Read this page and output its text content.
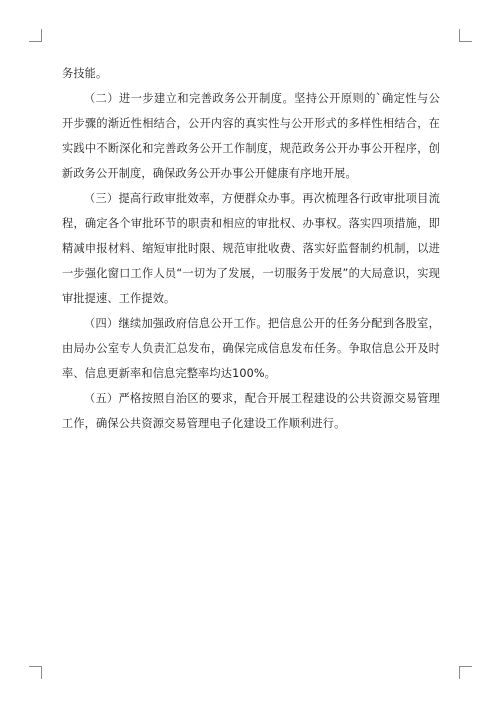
务技能。

（二）进一步建立和完善政务公开制度。坚持公开原则的`确定性与公开步骤的渐近性相结合，公开内容的真实性与公开形式的多样性相结合，在实践中不断深化和完善政务公开工作制度，规范政务公开办事公开程序，创新政务公开制度，确保政务公开办事公开健康有序地开展。

（三）提高行政审批效率，方便群众办事。再次梳理各行政审批项目流程，确定各个审批环节的职责和相应的审批权、办事权。落实四项措施，即精减申报材料、缩短审批时限、规范审批收费、落实好监督制约机制，以进一步强化窗口工作人员“一切为了发展，一切服务于发展”的大局意识，实现审批提速、工作提效。

（四）继续加强政府信息公开工作。把信息公开的任务分配到各股室，由局办公室专人负责汇总发布，确保完成信息发布任务。争取信息公开及时率、信息更新率和信息完整率均达100%。

（五）严格按照自治区的要求，配合开展工程建设的公共资源交易管理工作，确保公共资源交易管理电子化建设工作顺利进行。
